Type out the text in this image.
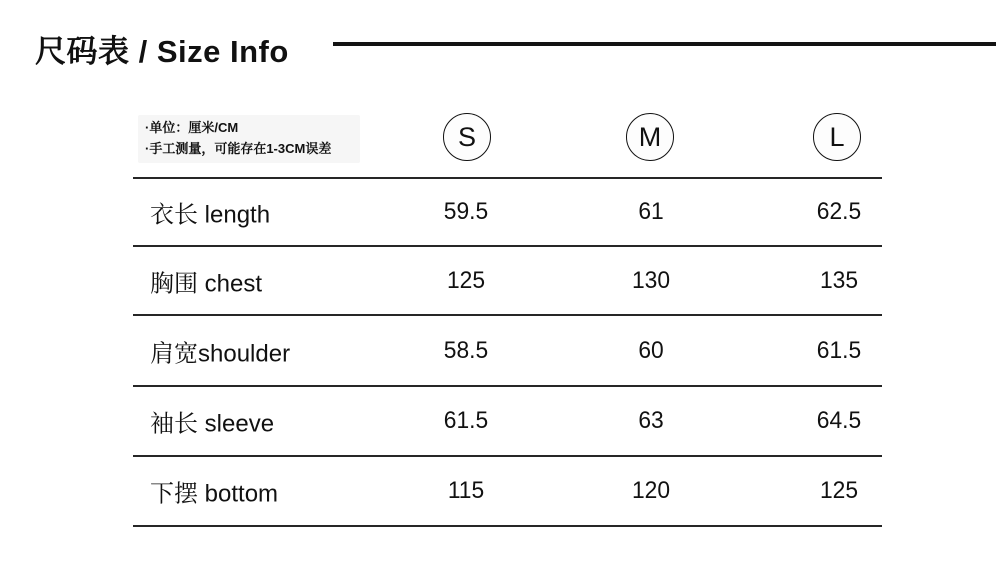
尺码表 / Size Info
·单位：厘米/CM
·手工测量，可能存在1-3CM误差	S	M	L
衣长 length	59.5	61	62.5
胸围 chest	125	130	135
肩宽shoulder	58.5	60	61.5
袖长 sleeve	61.5	63	64.5
下摆 bottom	115	120	125
